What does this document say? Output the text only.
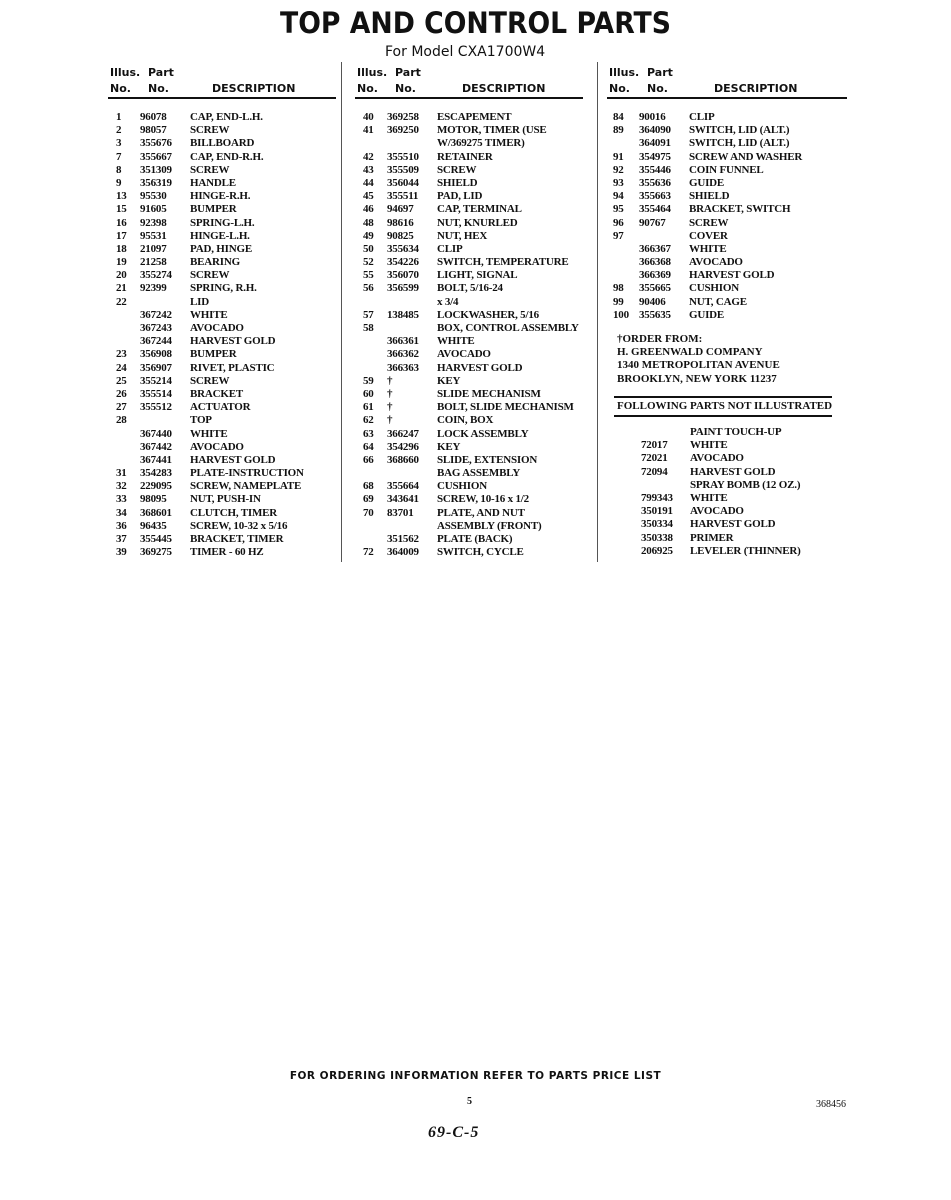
TOP AND CONTROL PARTS
For Model CXA1700W4
Illus. Part
No. No.	DESCRIPTION
1 96078 CAP, END-L.H.
2 98057 SCREW
3 355676 BILLBOARD
7 355667 CAP, END-R.H.
8 351309 SCREW
9 356319 HANDLE
13 95530 HINGE-R.H.
15 91605 BUMPER
16 92398 SPRING-L.H.
17 95531 HINGE-L.H.
18 21097 PAD, HINGE
19 21258 BEARING
20 355274 SCREW
21 92399 SPRING, R.H.
22	LID
367242 WHITE
367243 AVOCADO
367244 HARVEST GOLD
23 356908 BUMPER
24 356907 RIVET, PLASTIC
25 355214 SCREW
26 355514 BRACKET
27 355512 ACTUATOR
28	TOP
367440 WHITE
367442 AVOCADO
367441 HARVEST GOLD
31 354283 PLATE-INSTRUCTION
32 229095 SCREW, NAMEPLATE
33 98095 NUT, PUSH-IN
34 368601 CLUTCH, TIMER
36 96435 SCREW, 10-32 x 5/16
37 355445 BRACKET, TIMER
39 369275 TIMER - 60 HZ
Illus. Part
No. No.	DESCRIPTION
40 369258 ESCAPEMENT
41 369250 MOTOR, TIMER (USE
W/369275 TIMER)
42 355510 RETAINER
43 355509 SCREW
44 356044 SHIELD
45 355511 PAD, LID
46 94697 CAP, TERMINAL
48 98616 NUT, KNURLED
49 90825 NUT, HEX
50 355634 CLIP
52 354226 SWITCH, TEMPERATURE
55 356070 LIGHT, SIGNAL
56 356599 BOLT, 5/16-24
x 3/4
57 138485 LOCKWASHER, 5/16
58	BOX, CONTROL ASSEMBLY
366361 WHITE
366362 AVOCADO
366363 HARVEST GOLD
59 †	KEY
60 †	SLIDE MECHANISM
61 †	BOLT, SLIDE MECHANISM
62 †	COIN, BOX
63 366247 LOCK ASSEMBLY
64 354296 KEY
66 368660 SLIDE, EXTENSION
BAG ASSEMBLY
68 355664 CUSHION
69 343641 SCREW, 10-16 x 1/2
70 83701 PLATE, AND NUT
ASSEMBLY (FRONT)
351562 PLATE (BACK)
72 364009 SWITCH, CYCLE
Illus. Part
No. No.	DESCRIPTION
84 90016 CLIP
89 364090 SWITCH, LID (ALT.)
364091 SWITCH, LID (ALT.)
91 354975 SCREW AND WASHER
92 355446 COIN FUNNEL
93 355636 GUIDE
94 355663 SHIELD
95 355464 BRACKET, SWITCH
96 90767 SCREW
97	COVER
366367 WHITE
366368 AVOCADO
366369 HARVEST GOLD
98 355665 CUSHION
99 90406 NUT, CAGE
100 355635 GUIDE
†ORDER FROM:
H. GREENWALD COMPANY
1340 METROPOLITAN AVENUE
BROOKLYN, NEW YORK 11237
FOLLOWING PARTS NOT ILLUSTRATED
PAINT TOUCH-UP
72017 WHITE
72021 AVOCADO
72094 HARVEST GOLD
SPRAY BOMB (12 OZ.)
799343 WHITE
350191 AVOCADO
350334 HARVEST GOLD
350338 PRIMER
206925 LEVELER (THINNER)
FOR ORDERING INFORMATION REFER TO PARTS PRICE LIST
5	368456
69-C-5
